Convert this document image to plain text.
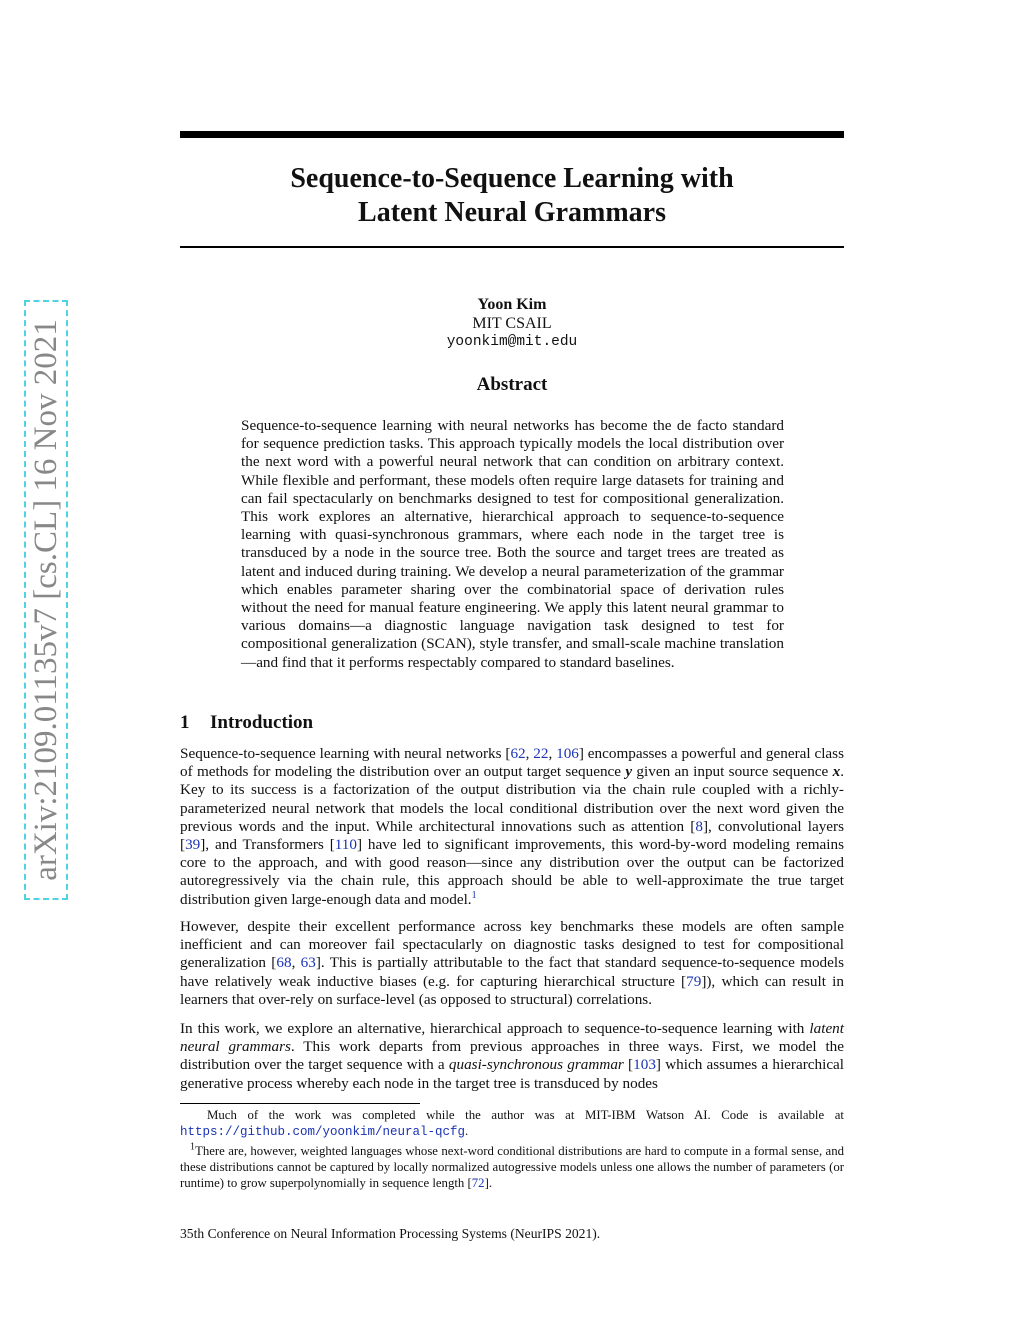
arXiv:2109.01135v7 [cs.CL] 16 Nov 2021
Sequence-to-Sequence Learning with
Latent Neural Grammars
Yoon Kim
MIT CSAIL
yoonkim@mit.edu
Abstract
Sequence-to-sequence learning with neural networks has become the de facto standard for sequence prediction tasks. This approach typically models the local distribution over the next word with a powerful neural network that can condition on arbitrary context. While flexible and performant, these models often require large datasets for training and can fail spectacularly on benchmarks designed to test for compositional generalization. This work explores an alternative, hierarchical approach to sequence-to-sequence learning with quasi-synchronous grammars, where each node in the target tree is transduced by a node in the source tree. Both the source and target trees are treated as latent and induced during training. We develop a neural parameterization of the grammar which enables parameter sharing over the combinatorial space of derivation rules without the need for manual feature engineering. We apply this latent neural grammar to various domains—a diagnostic language navigation task designed to test for compositional generalization (SCAN), style transfer, and small-scale machine translation—and find that it performs respectably compared to standard baselines.
1 Introduction
Sequence-to-sequence learning with neural networks [62, 22, 106] encompasses a powerful and general class of methods for modeling the distribution over an output target sequence y given an input source sequence x. Key to its success is a factorization of the output distribution via the chain rule coupled with a richly-parameterized neural network that models the local conditional distribution over the next word given the previous words and the input. While architectural innovations such as attention [8], convolutional layers [39], and Transformers [110] have led to significant improvements, this word-by-word modeling remains core to the approach, and with good reason—since any distribution over the output can be factorized autoregressively via the chain rule, this approach should be able to well-approximate the true target distribution given large-enough data and model.$^1$
However, despite their excellent performance across key benchmarks these models are often sample inefficient and can moreover fail spectacularly on diagnostic tasks designed to test for compositional generalization [68, 63]. This is partially attributable to the fact that standard sequence-to-sequence models have relatively weak inductive biases (e.g. for capturing hierarchical structure [79]), which can result in learners that over-rely on surface-level (as opposed to structural) correlations.
In this work, we explore an alternative, hierarchical approach to sequence-to-sequence learning with latent neural grammars. This work departs from previous approaches in three ways. First, we model the distribution over the target sequence with a quasi-synchronous grammar [103] which assumes a hierarchical generative process whereby each node in the target tree is transduced by nodes
Much of the work was completed while the author was at MIT-IBM Watson AI. Code is available at https://github.com/yoonkim/neural-qcfg.
$^1$There are, however, weighted languages whose next-word conditional distributions are hard to compute in a formal sense, and these distributions cannot be captured by locally normalized autogressive models unless one allows the number of parameters (or runtime) to grow superpolynomially in sequence length [72].
35th Conference on Neural Information Processing Systems (NeurIPS 2021).
